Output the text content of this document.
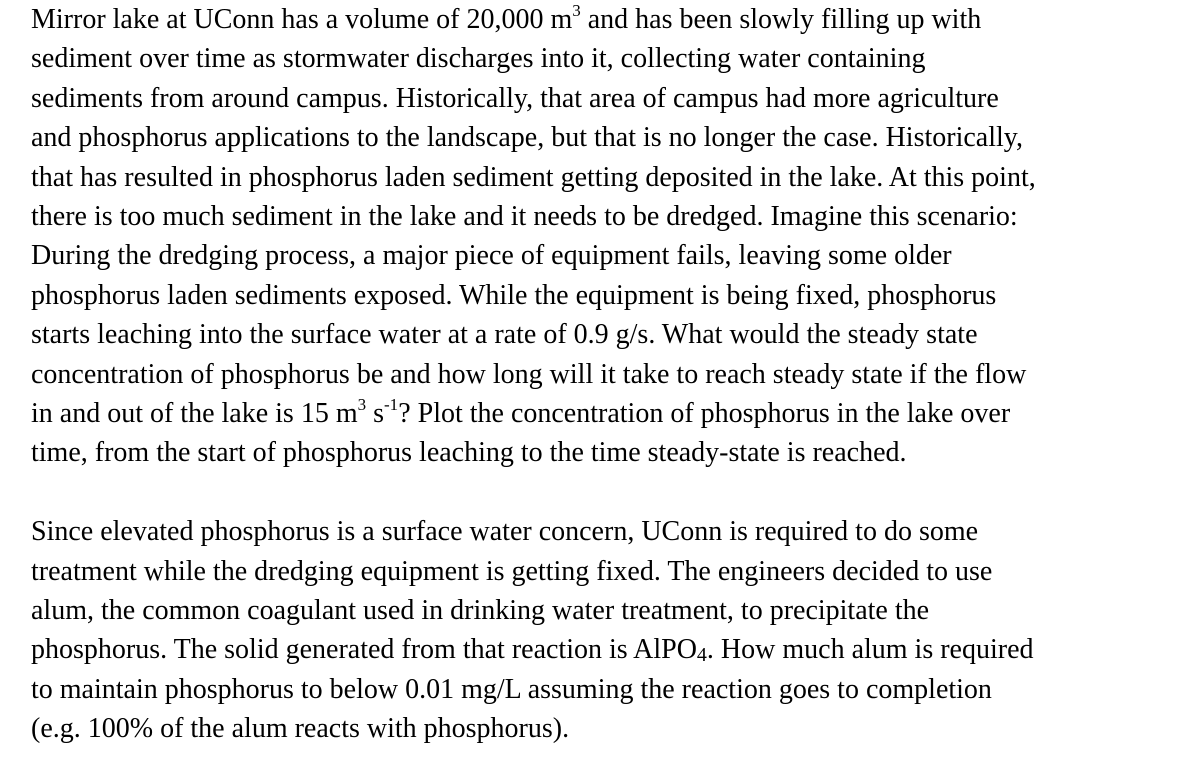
Mirror lake at UConn has a volume of 20,000 $m^3$ and has been slowly filling up with
sediment over time as stormwater discharges into it, collecting water containing
sediments from around campus. Historically, that area of campus had more agriculture
and phosphorus applications to the landscape, but that is no longer the case. Historically,
that has resulted in phosphorus laden sediment getting deposited in the lake. At this point,
there is too much sediment in the lake and it needs to be dredged. Imagine this scenario:
During the dredging process, a major piece of equipment fails, leaving some older
phosphorus laden sediments exposed. While the equipment is being fixed, phosphorus
starts leaching into the surface water at a rate of 0.9 g/s. What would the steady state
concentration of phosphorus be and how long will it take to reach steady state if the flow
in and out of the lake is 15 $m^3$ $s^{-1}$? Plot the concentration of phosphorus in the lake over
time, from the start of phosphorus leaching to the time steady-state is reached.

Since elevated phosphorus is a surface water concern, UConn is required to do some
treatment while the dredging equipment is getting fixed. The engineers decided to use
alum, the common coagulant used in drinking water treatment, to precipitate the
phosphorus. The solid generated from that reaction is AlPO4. How much alum is required
to maintain phosphorus to below 0.01 mg/L assuming the reaction goes to completion
(e.g. 100% of the alum reacts with phosphorus).
